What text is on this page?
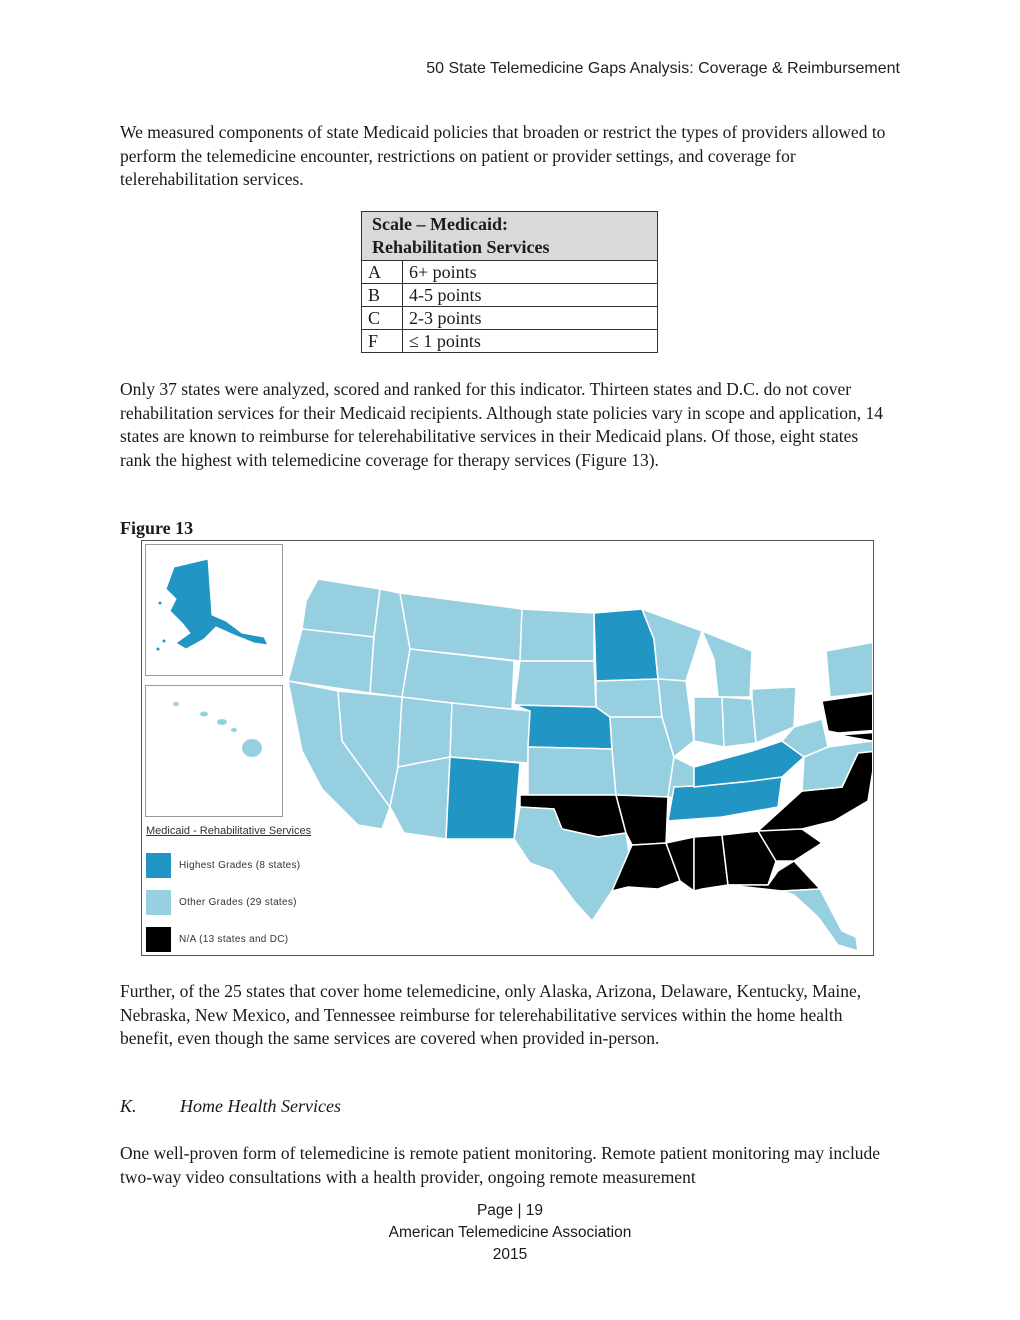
50 State Telemedicine Gaps Analysis: Coverage & Reimbursement

We measured components of state Medicaid policies that broaden or restrict the types of providers allowed to perform the telemedicine encounter, restrictions on patient or provider settings, and coverage for telerehabilitation services.

Scale – Medicaid:
Rehabilitation Services	
A	6+ points
B	4-5 points
C	2-3 points
F	≤ 1 points

Only 37 states were analyzed, scored and ranked for this indicator. Thirteen states and D.C. do not cover rehabilitation services for their Medicaid recipients. Although state policies vary in scope and application, 14 states are known to reimburse for telerehabilitative services in their Medicaid plans. Of those, eight states rank the highest with telemedicine coverage for therapy services (Figure 13).

Figure 13
Medicaid - Rehabilitative Services
Highest Grades (8 states)
Other Grades (29 states)
N/A (13 states and DC)

Further, of the 25 states that cover home telemedicine, only Alaska, Arizona, Delaware, Kentucky, Maine, Nebraska, New Mexico, and Tennessee reimburse for telerehabilitative services within the home health benefit, even though the same services are covered when provided in-person.

K. Home Health Services

One well-proven form of telemedicine is remote patient monitoring. Remote patient monitoring may include two-way video consultations with a health provider, ongoing remote measurement

Page | 19
American Telemedicine Association
2015
